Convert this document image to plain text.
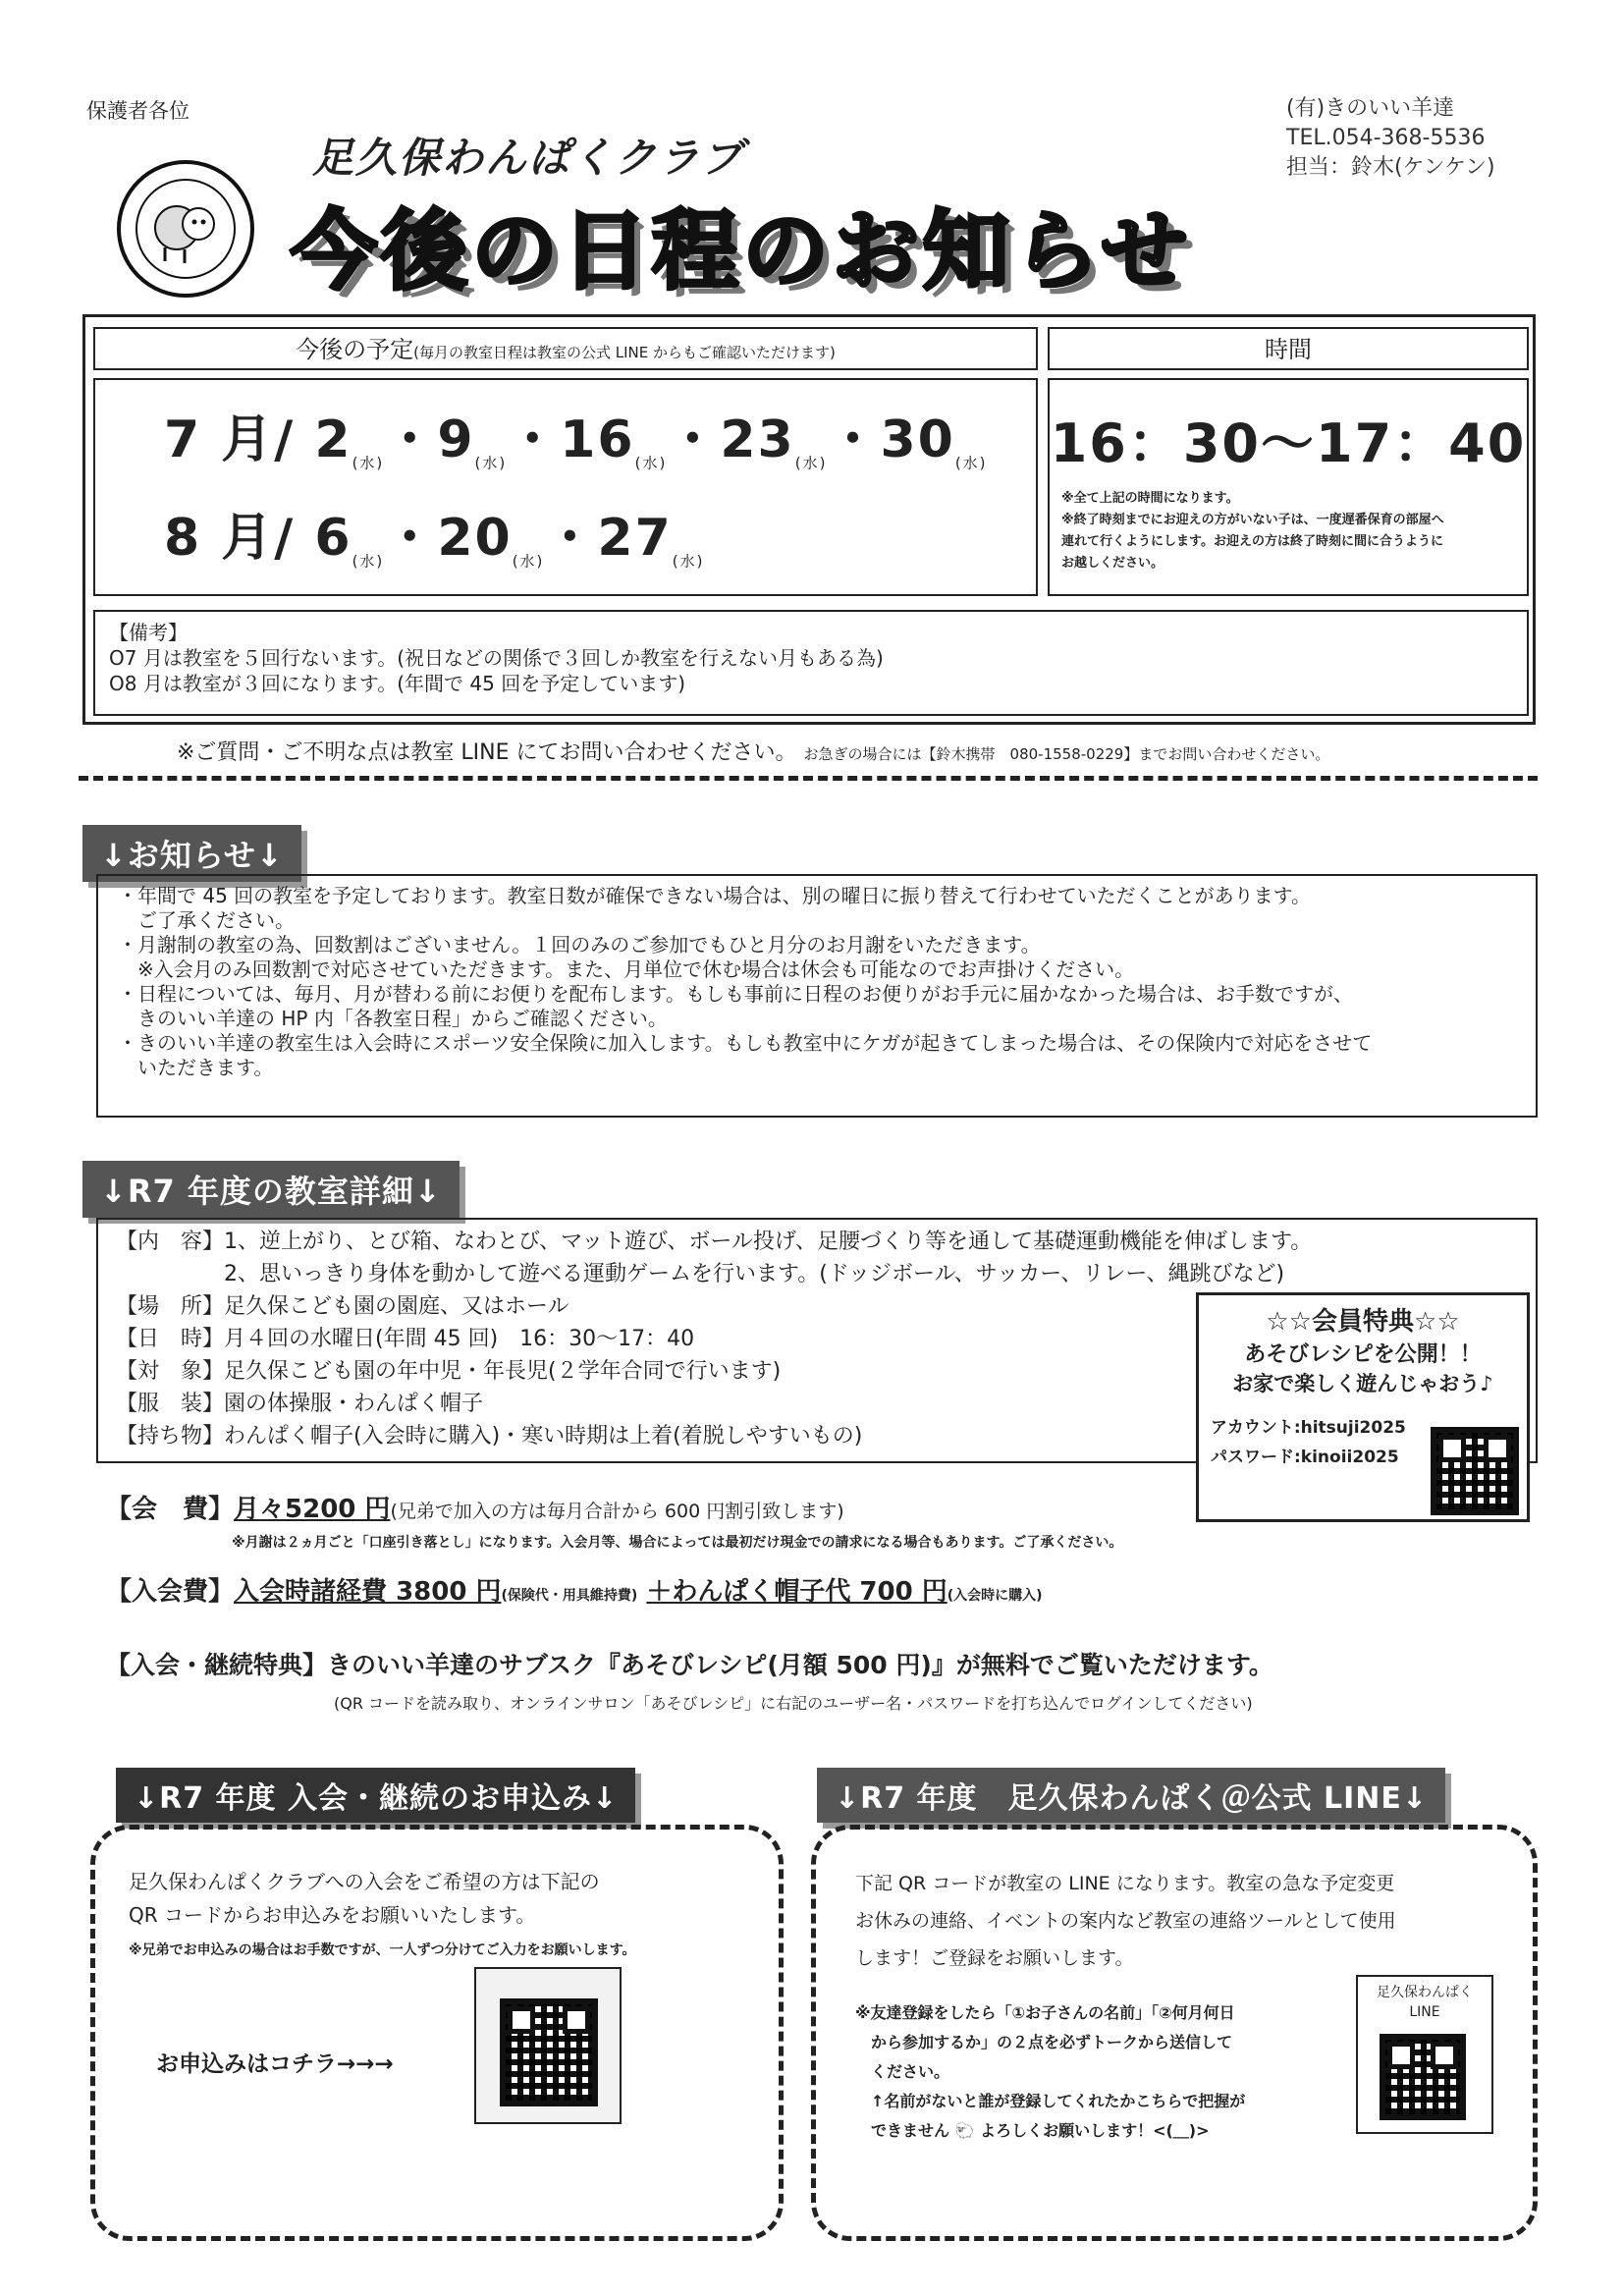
保護者各位	(有)きのいい羊達
TEL.054-368-5536
担当：鈴木(ケンケン)
足久保わんぱくクラブ
今後の日程のお知らせ
今後の予定(毎月の教室日程は教室の公式 LINE からもご確認いただけます)	時間
7 月/ $2_{(水)}$・$9_{(水)}$・$16_{(水)}$・$23_{(水)}$・$30_{(水)}$
8 月/ $6_{(水)}$・$20_{(水)}$・$27_{(水)}$
16：30～17：40
※全て上記の時間になります。
※終了時刻までにお迎えの方がいない子は、一度遅番保育の部屋へ
連れて行くようにします。お迎えの方は終了時刻に間に合うように
お越しください。
【備考】
O7 月は教室を５回行ないます。(祝日などの関係で３回しか教室を行えない月もある為)
O8 月は教室が３回になります。(年間で 45 回を予定しています)
※ご質問・ご不明な点は教室 LINE にてお問い合わせください。 お急ぎの場合には【鈴木携帯　080-1558-0229】までお問い合わせください。
↓お知らせ↓
・年間で 45 回の教室を予定しております。教室日数が確保できない場合は、別の曜日に振り替えて行わせていただくことがあります。
　ご了承ください。
・月謝制の教室の為、回数割はございません。１回のみのご参加でもひと月分のお月謝をいただきます。
　※入会月のみ回数割で対応させていただきます。また、月単位で休む場合は休会も可能なのでお声掛けください。
・日程については、毎月、月が替わる前にお便りを配布します。もしも事前に日程のお便りがお手元に届かなかった場合は、お手数ですが、
　きのいい羊達の HP 内「各教室日程」からご確認ください。
・きのいい羊達の教室生は入会時にスポーツ安全保険に加入します。もしも教室中にケガが起きてしまった場合は、その保険内で対応をさせて
　いただきます。
↓R7 年度の教室詳細↓
【内　容】1、逆上がり、とび箱、なわとび、マット遊び、ボール投げ、足腰づくり等を通して基礎運動機能を伸ばします。
　　　　　2、思いっきり身体を動かして遊べる運動ゲームを行います。(ドッジボール、サッカー、リレー、縄跳びなど)
【場　所】足久保こども園の園庭、又はホール
【日　時】月４回の水曜日(年間 45 回)　16：30～17：40
【対　象】足久保こども園の年中児・年長児(２学年合同で行います)
【服　装】園の体操服・わんぱく帽子
【持ち物】わんぱく帽子(入会時に購入)・寒い時期は上着(着脱しやすいもの)
☆☆会員特典☆☆
あそびレシピを公開！！
お家で楽しく遊んじゃおう♪
アカウント:hitsuji2025
パスワード:kinoii2025
【会　費】月々5200 円(兄弟で加入の方は毎月合計から 600 円割引致します)
※月謝は２ヵ月ごと「口座引き落とし」になります。入会月等、場合によっては最初だけ現金での請求になる場合もあります。ご了承ください。
【入会費】入会時諸経費 3800 円(保険代・用具維持費) ＋わんぱく帽子代 700 円(入会時に購入)
【入会・継続特典】きのいい羊達のサブスク『あそびレシピ(月額 500 円)』が無料でご覧いただけます。
(QR コードを読み取り、オンラインサロン「あそびレシピ」に右記のユーザー名・パスワードを打ち込んでログインしてください)
↓R7 年度 入会・継続のお申込み↓
足久保わんぱくクラブへの入会をご希望の方は下記の
QR コードからお申込みをお願いいたします。
※兄弟でお申込みの場合はお手数ですが、一人ずつ分けてご入力をお願いします。
お申込みはコチラ→→→
↓R7 年度　足久保わんぱく＠公式 LINE↓
下記 QR コードが教室の LINE になります。教室の急な予定変更
お休みの連絡、イベントの案内など教室の連絡ツールとして使用
します！ご登録をお願いします。
※友達登録をしたら「①お子さんの名前」「②何月何日
　から参加するか」の２点を必ずトークから送信して
　ください。
　↑名前がないと誰が登録してくれたかこちらで把握が
　できません 🐑 よろしくお願いします！<(＿)>
足久保わんぱく
LINE
